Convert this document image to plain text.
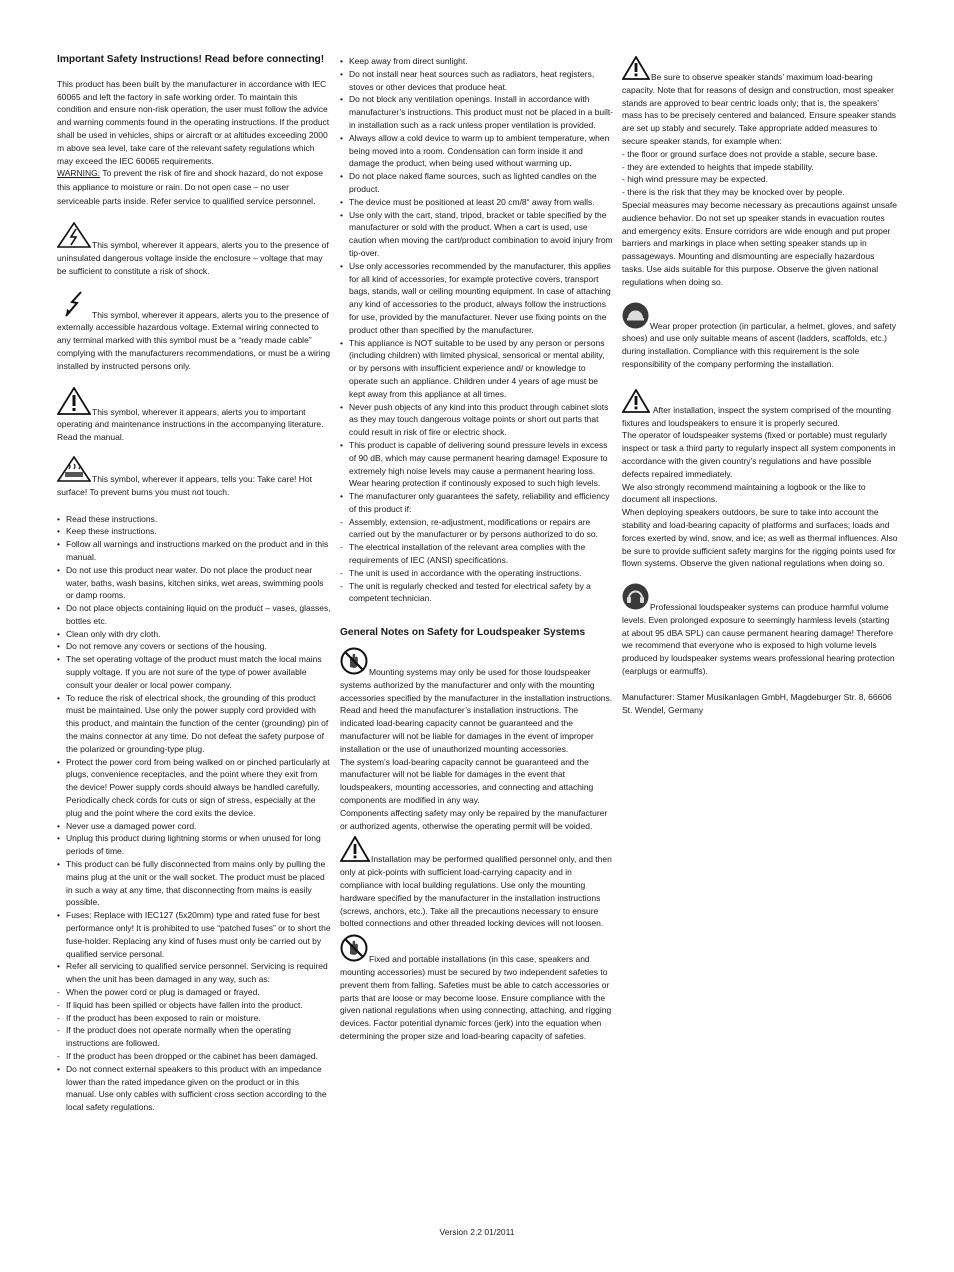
Important Safety Instructions! Read before connecting!

This product has been built by the manufacturer in accordance with IEC 60065 and left the factory in safe working order. To maintain this condition and ensure non-risk operation, the user must follow the advice and warning comments found in the operating instructions. If the product shall be used in vehicles, ships or aircraft or at altitudes exceeding 2000 m above sea level, take care of the relevant safety regulations which may exceed the IEC 60065 requirements.

WARNING: To prevent the risk of fire and shock hazard, do not expose this appliance to moisture or rain. Do not open case – no user serviceable parts inside. Refer service to qualified service personnel.

This symbol, wherever it appears, alerts you to the presence of uninsulated dangerous voltage inside the enclosure – voltage that may be sufficient to constitute a risk of shock.

This symbol, wherever it appears, alerts you to the presence of externally accessible hazardous voltage. External wiring connected to any terminal marked with this symbol must be a “ready made cable” complying with the manufacturers recommendations, or must be a wiring installed by instructed persons only.

This symbol, wherever it appears, alerts you to important operating and maintenance instructions in the accompanying literature. Read the manual.

This symbol, wherever it appears, tells you: Take care! Hot surface! To prevent burns you must not touch.

• Read these instructions.
• Keep these instructions.
• Follow all warnings and instructions marked on the product and in this manual.
• Do not use this product near water. Do not place the product near water, baths, wash basins, kitchen sinks, wet areas, swimming pools or damp rooms.
• Do not place objects containing liquid on the product – vases, glasses, bottles etc.
• Clean only with dry cloth.
• Do not remove any covers or sections of the housing.
• The set operating voltage of the product must match the local mains supply voltage. If you are not sure of the type of power available consult your dealer or local power company.
• To reduce the risk of electrical shock, the grounding of this product must be maintained. Use only the power supply cord provided with this product, and maintain the function of the center (grounding) pin of the mains connector at any time. Do not defeat the safety purpose of the polarized or grounding-type plug.
• Protect the power cord from being walked on or pinched particularly at plugs, convenience receptacles, and the point where they exit from the device! Power supply cords should always be handled carefully. Periodically check cords for cuts or sign of stress, especially at the plug and the point where the cord exits the device.
• Never use a damaged power cord.
• Unplug this product during lightning storms or when unused for long periods of time.
• This product can be fully disconnected from mains only by pulling the mains plug at the unit or the wall socket. The product must be placed in such a way at any time, that disconnecting from mains is easily possible.
• Fuses: Replace with IEC127 (5x20mm) type and rated fuse for best performance only! It is prohibited to use “patched fuses” or to short the fuse-holder. Replacing any kind of fuses must only be carried out by qualified service personal.
• Refer all servicing to qualified service personnel. Servicing is required when the unit has been damaged in any way, such as:
- When the power cord or plug is damaged or frayed.
- If liquid has been spilled or objects have fallen into the product.
- If the product has been exposed to rain or moisture.
- If the product does not operate normally when the operating instructions are followed.
- If the product has been dropped or the cabinet has been damaged.
• Do not connect external speakers to this product with an impedance lower than the rated impedance given on the product or in this manual. Use only cables with sufficient cross section according to the local safety regulations.
• Keep away from direct sunlight.
• Do not install near heat sources such as radiators, heat registers, stoves or other devices that produce heat.
• Do not block any ventilation openings. Install in accordance with manufacturer’s instructions. This product must not be placed in a built-in installation such as a rack unless proper ventilation is provided.
• Always allow a cold device to warm up to ambient temperature, when being moved into a room. Condensation can form inside it and damage the product, when being used without warming up.
• Do not place naked flame sources, such as lighted candles on the product.
• The device must be positioned at least 20 cm/8“ away from walls.
• Use only with the cart, stand, tripod, bracket or table specified by the manufacturer or sold with the product. When a cart is used, use caution when moving the cart/product combination to avoid injury from tip-over.
• Use only accessories recommended by the manufacturer, this applies for all kind of accessories, for example protective covers, transport bags, stands, wall or ceiling mounting equipment. In case of attaching any kind of accessories to the product, always follow the instructions for use, provided by the manufacturer. Never use fixing points on the product other than specified by the manufacturer.
• This appliance is NOT suitable to be used by any person or persons (including children) with limited physical, sensorical or mental ability, or by persons with insufficient experience and/ or knowledge to operate such an appliance. Children under 4 years of age must be kept away from this appliance at all times.
• Never push objects of any kind into this product through cabinet slots as they may touch dangerous voltage points or short out parts that could result in risk of fire or electric shock.
• This product is capable of delivering sound pressure levels in excess of 90 dB, which may cause permanent hearing damage! Exposure to extremely high noise levels may cause a permanent hearing loss. Wear hearing protection if continously exposed to such high levels.
• The manufacturer only guarantees the safety, reliability and efficiency of this product if:
- Assembly, extension, re-adjustment, modifications or repairs are carried out by the manufacturer or by persons authorized to do so.
- The electrical installation of the relevant area complies with the requirements of IEC (ANSI) specifications.
- The unit is used in accordance with the operating instructions.
- The unit is regularly checked and tested for electrical safety by a competent technician.
General Notes on Safety for Loudspeaker Systems

Mounting systems may only be used for those loudspeaker systems authorized by the manufacturer and only with the mounting accessories specified by the manufacturer in the installation instructions. Read and heed the manufacturer’s installation instructions. The indicated load-bearing capacity cannot be guaranteed and the manufacturer will not be liable for damages in the event of improper installation or the use of unauthorized mounting accessories.

The system’s load-bearing capacity cannot be guaranteed and the manufacturer will not be liable for damages in the event that loudspeakers, mounting accessories, and connecting and attaching components are modified in any way.

Components affecting safety may only be repaired by the manufacturer or authorized agents, otherwise the operating permit will be voided.

Installation may be performed qualified personnel only, and then only at pick-points with sufficient load-carrying capacity and in compliance with local building regulations. Use only the mounting hardware specified by the manufacturer in the installation instructions (screws, anchors, etc.). Take all the precautions necessary to ensure bolted connections and other threaded locking devices will not loosen.

Fixed and portable installations (in this case, speakers and mounting accessories) must be secured by two independent safeties to prevent them from falling. Safeties must be able to catch accessories or parts that are loose or may become loose. Ensure compliance with the given national regulations when using connecting, attaching, and rigging devices. Factor potential dynamic forces (jerk) into the equation when determining the proper size and load-bearing capacity of safeties.

Be sure to observe speaker stands’ maximum load-bearing capacity. Note that for reasons of design and construction, most speaker stands are approved to bear centric loads only; that is, the speakers’ mass has to be precisely centered and balanced. Ensure speaker stands are set up stably and securely. Take appropriate added measures to secure speaker stands, for example when:

- the floor or ground surface does not provide a stable, secure base.

- they are extended to heights that impede stability.

- high wind pressure may be expected.

- there is the risk that they may be knocked over by people.

Special measures may become necessary as precautions against unsafe audience behavior. Do not set up speaker stands in evacuation routes and emergency exits. Ensure corridors are wide enough and put proper barriers and markings in place when setting speaker stands up in passageways. Mounting and dismounting are especially hazardous tasks. Use aids suitable for this purpose. Observe the given national regulations when doing so.

Wear proper protection (in particular, a helmet, gloves, and safety shoes) and use only suitable means of ascent (ladders, scaffolds, etc.) during installation. Compliance with this requirement is the sole responsibility of the company performing the installation.

After installation, inspect the system comprised of the mounting fixtures and loudspeakers to ensure it is properly secured.

The operator of loudspeaker systems (fixed or portable) must regularly inspect or task a third party to regularly inspect all system components in accordance with the given country’s regulations and have possible defects repaired immediately.

We also strongly recommend maintaining a logbook or the like to document all inspections.

When deploying speakers outdoors, be sure to take into account the stability and load-bearing capacity of platforms and surfaces; loads and forces exerted by wind, snow, and ice; as well as thermal influences. Also be sure to provide sufficient safety margins for the rigging points used for flown systems. Observe the given national regulations when doing so.

Professional loudspeaker systems can produce harmful volume levels. Even prolonged exposure to seemingly harmless levels (starting at about 95 dBA SPL) can cause permanent hearing damage! Therefore we recommend that everyone who is exposed to high volume levels produced by loudspeaker systems wears professional hearing protection (earplugs or earmuffs).

Manufacturer: Stamer Musikanlagen GmbH, Magdeburger Str. 8, 66606 St. Wendel, Germany

Version 2.2 01/2011
